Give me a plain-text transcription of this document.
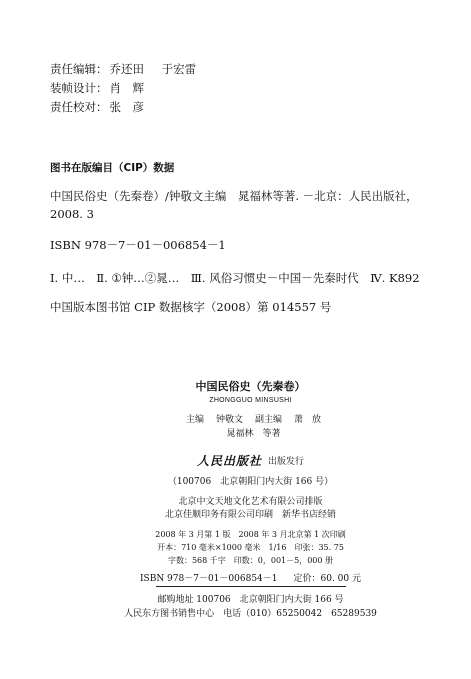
责任编辑： 乔还田 于宏雷
装帧设计： 肖　辉
责任校对： 张　彦
图书在版编目（CIP）数据
中国民俗史（先秦卷）/钟敬文主编　晁福林等著. －北京：人民出版社，2008. 3
ISBN 978－7－01－006854－1
Ⅰ. 中…　Ⅱ. ①钟…②晁…　Ⅲ. 风俗习惯史－中国－先秦时代　Ⅳ. K892
中国版本图书馆 CIP 数据核字（2008）第 014557 号
中国民俗史（先秦卷）
ZHONGGUO MINSUSHI
主编 钟敬文 副主编 萧　放
晁福林　等著
人民出版社 出版发行
（100706　北京朝阳门内大街 166 号）
北京中文天地文化艺术有限公司排版
北京佳顺印务有限公司印刷　新华书店经销
2008 年 3 月第 1 版　2008 年 3 月北京第 1 次印刷
开本：710 毫米×1000 毫米　1/16　印张：35. 75
字数：568 千字　印数：0，001－5，000 册
ISBN 978－7－01－006854－1 定价：60. 00 元
邮购地址 100706　北京朝阳门内大街 166 号
人民东方图书销售中心　电话（010）65250042　65289539
